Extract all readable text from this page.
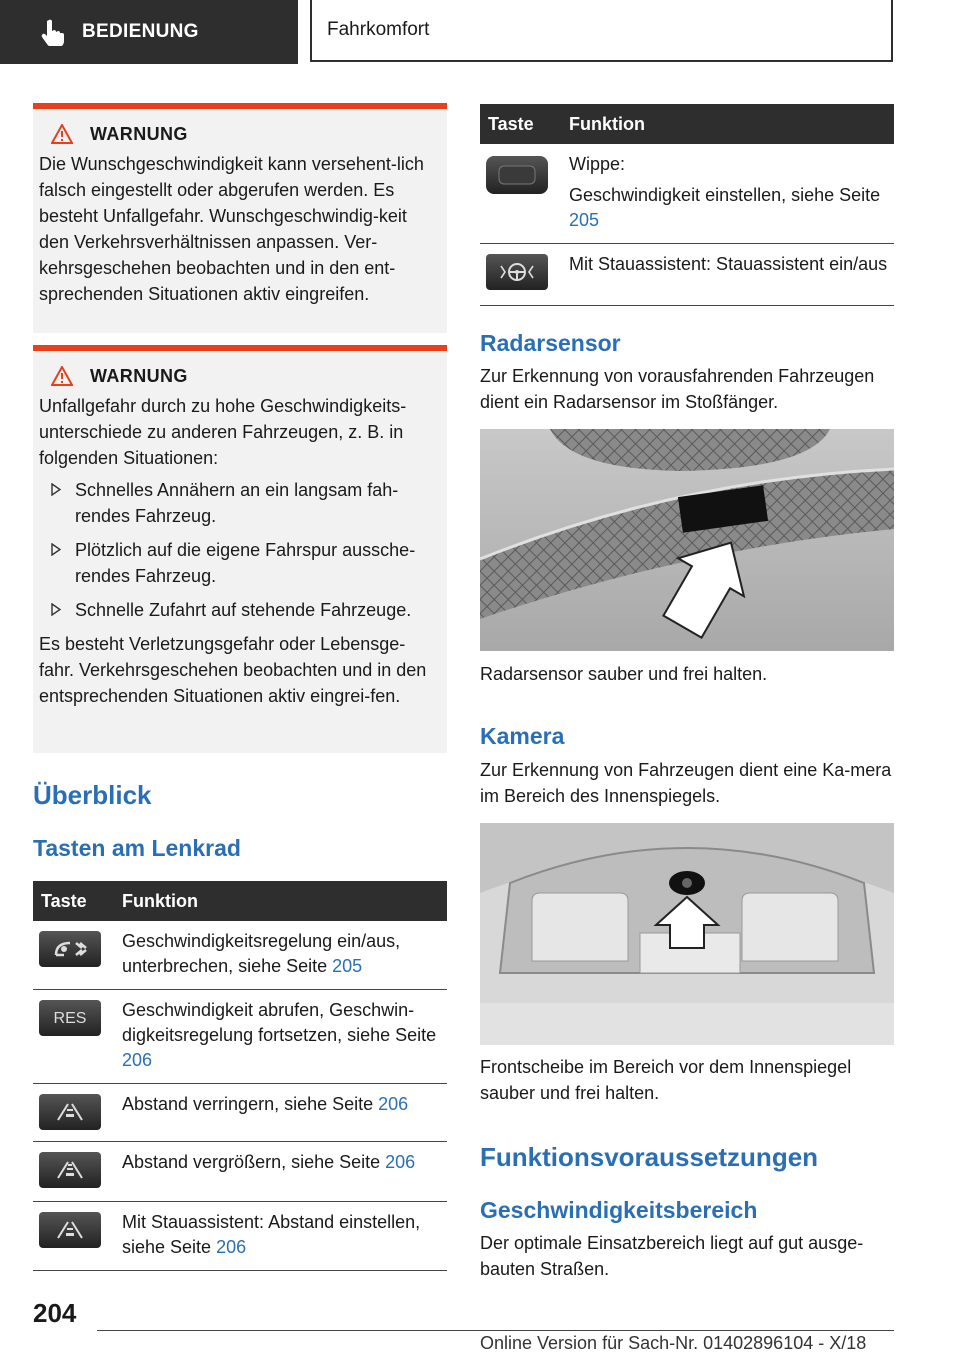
BEDIENUNG	Fahrkomfort
WARNUNG

Die Wunschgeschwindigkeit kann versehent-lich falsch eingestellt oder abgerufen werden. Es besteht Unfallgefahr. Wunschgeschwindig-keit den Verkehrsverhältnissen anpassen. Ver-kehrsgeschehen beobachten und in den ent-sprechenden Situationen aktiv eingreifen.

WARNUNG

Unfallgefahr durch zu hohe Geschwindigkeits-unterschiede zu anderen Fahrzeugen, z. B. in folgenden Situationen:

Schnelles Annähern an ein langsam fah-rendes Fahrzeug.
Plötzlich auf die eigene Fahrspur aussche-rendes Fahrzeug.
Schnelle Zufahrt auf stehende Fahrzeuge.

Es besteht Verletzungsgefahr oder Lebensge-fahr. Verkehrsgeschehen beobachten und in den entsprechenden Situationen aktiv eingrei-fen.

Überblick
Tasten am Lenkrad
Taste	Funktion

	Geschwindigkeitsregelung ein/aus, unterbrechen, siehe Seite 205

RES	Geschwindigkeit abrufen, Geschwin-digkeitsregelung fortsetzen, siehe Seite 206

	Abstand verringern, siehe Seite 206

	Abstand vergrößern, siehe Seite 206

	Mit Stauassistent: Abstand einstellen, siehe Seite 206
Taste	Funktion

Wippe:
Geschwindigkeit einstellen, siehe Seite 205

	Mit Stauassistent: Stauassistent ein/aus
Radarsensor
Zur Erkennung von vorausfahrenden Fahrzeugen dient ein Radarsensor im Stoßfänger.
Radarsensor sauber und frei halten.
Kamera
Zur Erkennung von Fahrzeugen dient eine Ka-mera im Bereich des Innenspiegels.
Frontscheibe im Bereich vor dem Innenspiegel sauber und frei halten.
Funktionsvoraussetzungen
Geschwindigkeitsbereich
Der optimale Einsatzbereich liegt auf gut ausge-bauten Straßen.
204
Online Version für Sach-Nr. 01402896104 - X/18
